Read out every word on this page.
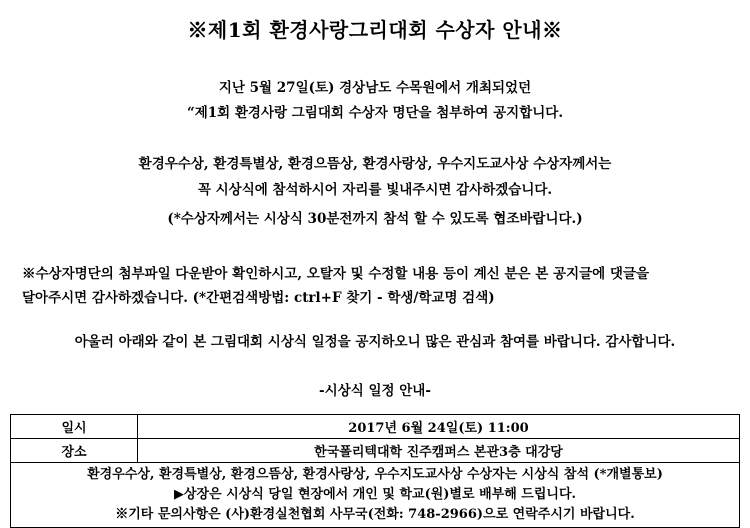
※제1회 환경사랑그리대회 수상자 안내※
지난 5월 27일(토) 경상남도 수목원에서 개최되었던
“제1회 환경사랑 그림대회 수상자 명단을 첨부하여 공지합니다.
환경우수상, 환경특별상, 환경으뜸상, 환경사랑상, 우수지도교사상 수상자께서는
꼭 시상식에 참석하시어 자리를 빛내주시면 감사하겠습니다.
(*수상자께서는 시상식 30분전까지 참석 할 수 있도록 협조바랍니다.)
※수상자명단의 첨부파일 다운받아 확인하시고, 오탈자 및 수정할 내용 등이 계신 분은 본 공지글에 댓글을
달아주시면 감사하겠습니다. (*간편검색방법: ctrl+F 찾기 - 학생/학교명 검색)
아울러 아래와 같이 본 그림대회 시상식 일정을 공지하오니 많은 관심과 참여를 바랍니다. 감사합니다.
-시상식 일정 안내-
일시	2017년 6월 24일(토) 11:00
장소	한국폴리텍대학 진주캠퍼스 본관3층 대강당

환경우수상, 환경특별상, 환경으뜸상, 환경사랑상, 우수지도교사상 수상자는 시상식 참석 (*개별통보)
▶상장은 시상식 당일 현장에서 개인 및 학교(원)별로 배부해 드립니다.
※기타 문의사항은 (사)환경실천협회 사무국(전화: 748-2966)으로 연락주시기 바랍니다.	
